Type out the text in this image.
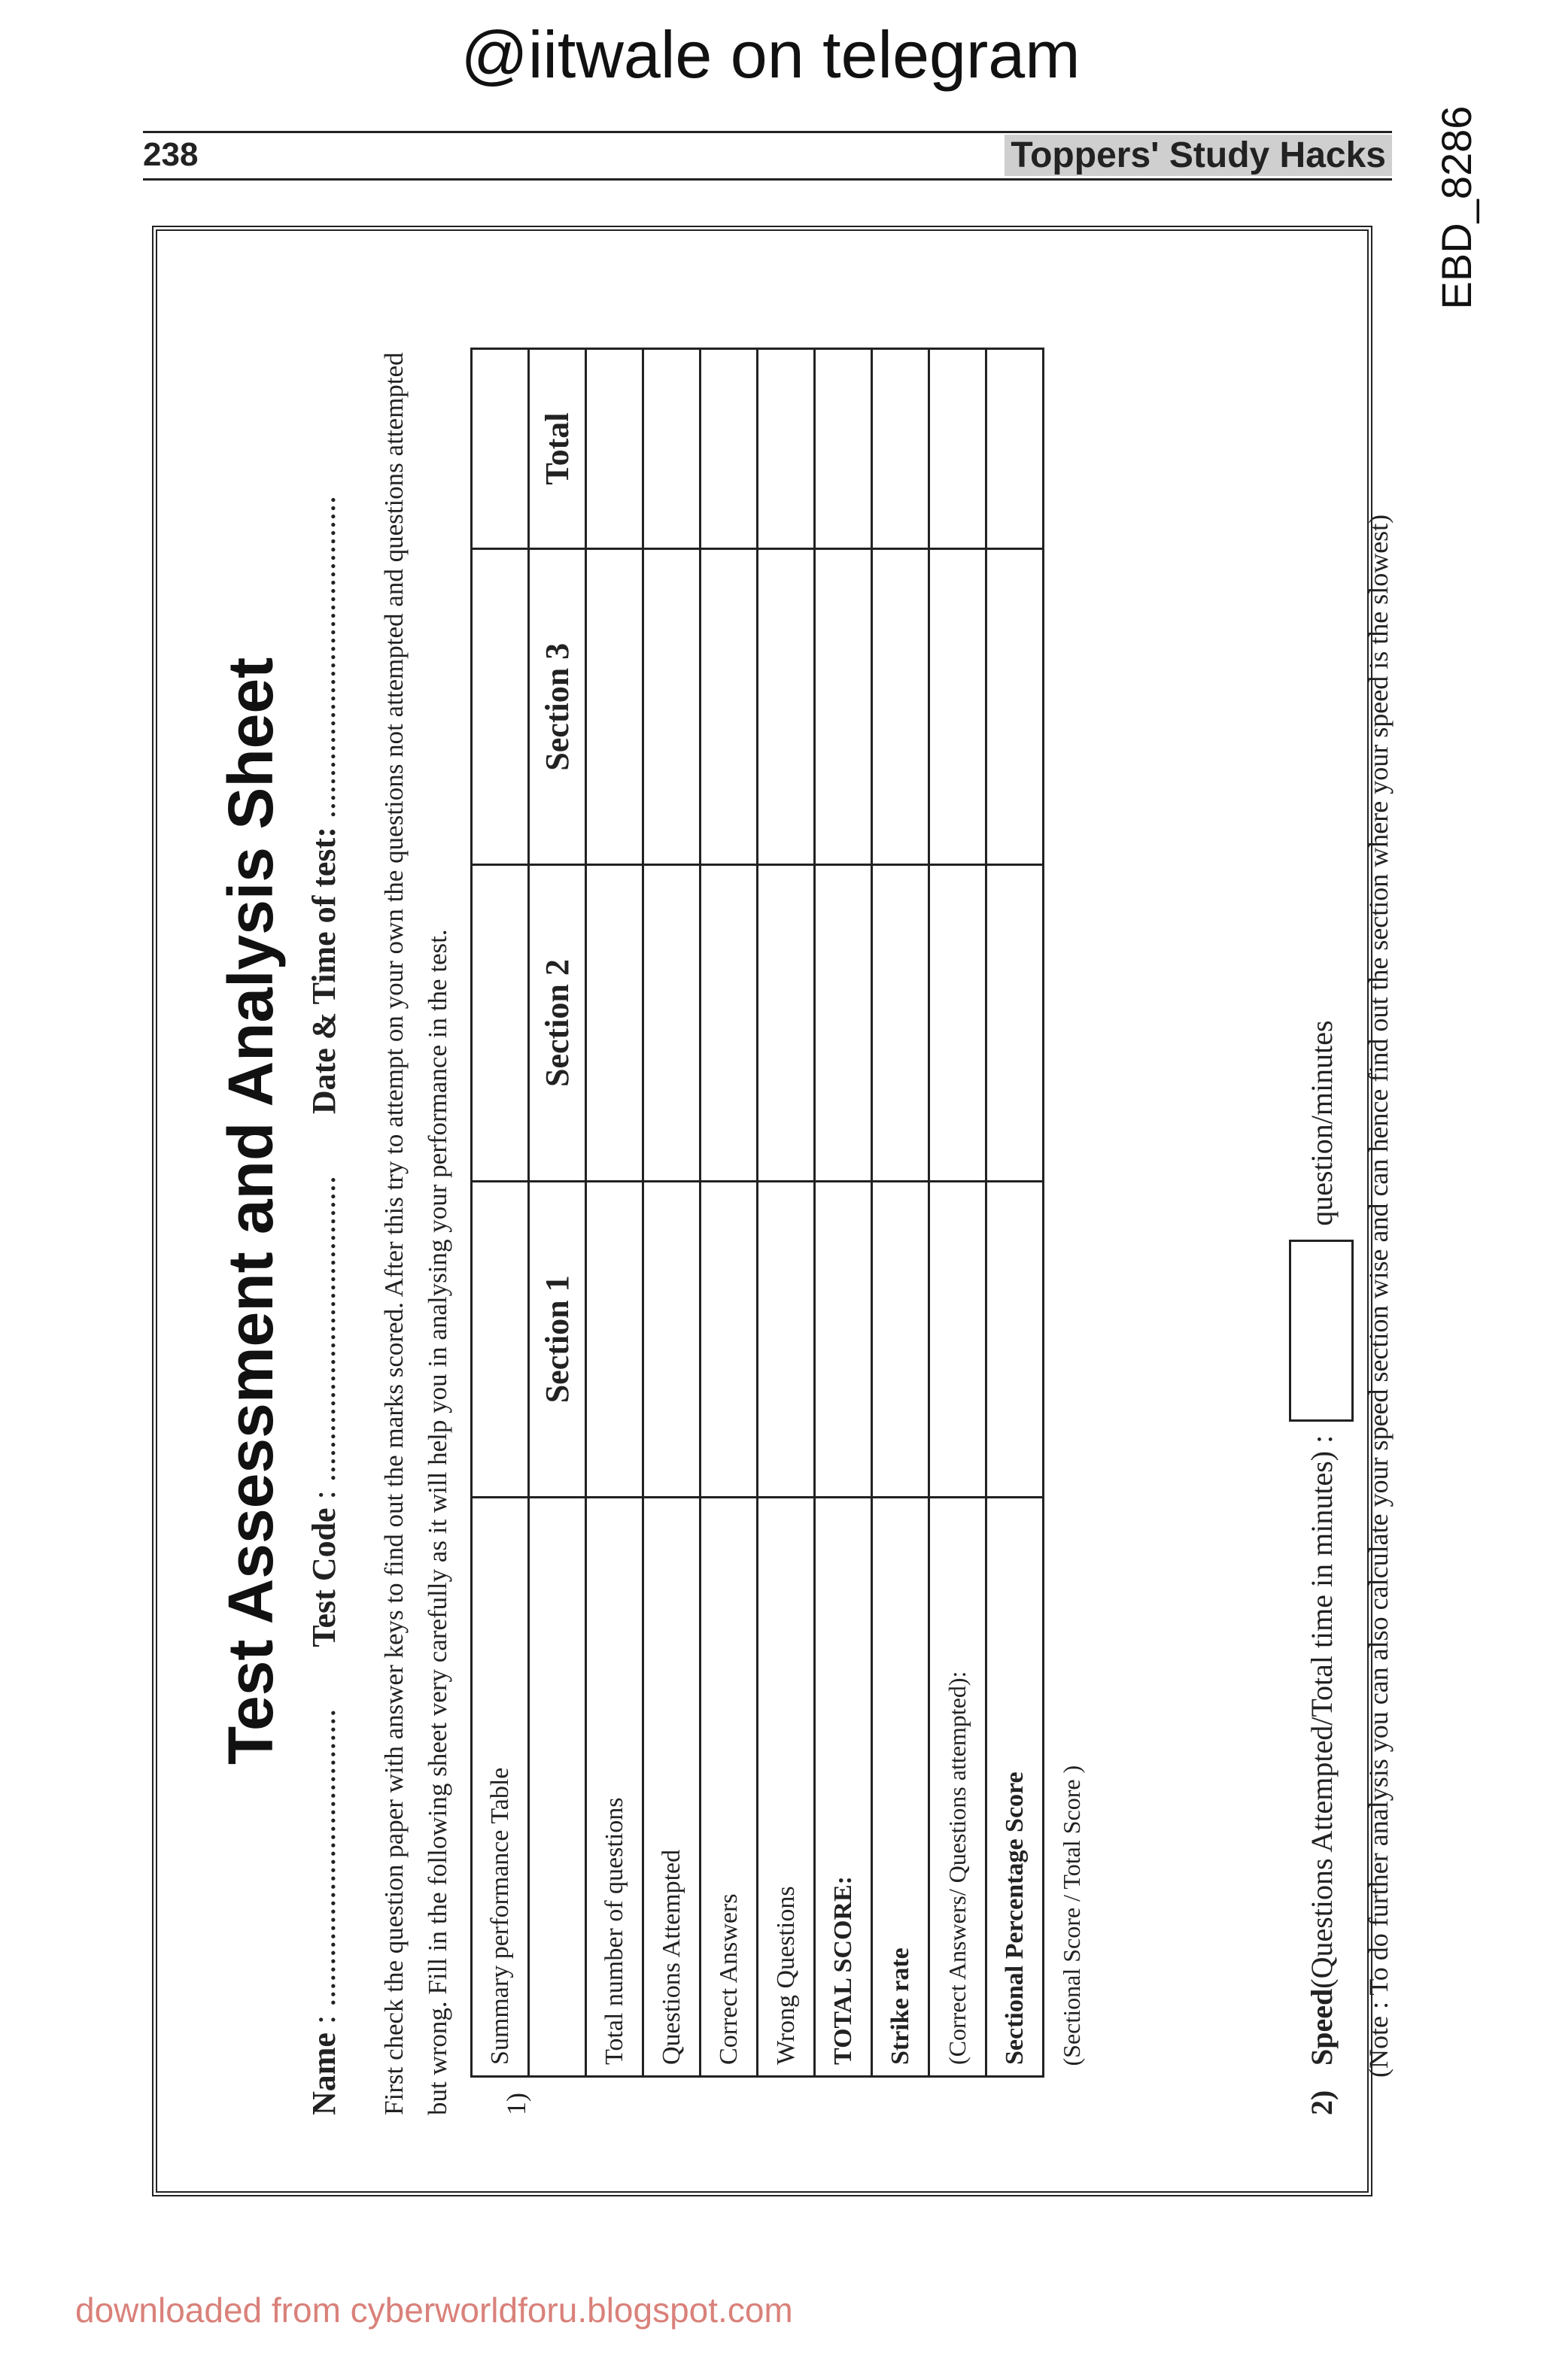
@iitwale on telegram
EBD_8286
238	Toppers' Study Hacks
Test Assessment and Analysis Sheet
Name : ....................................  Test Code : .....................................  Date & Time of test: ....................................... First check the question paper with answer keys to find out the marks scored. After this try to attempt on your own the questions not attempted and questions attempted but wrong. Fill in the following sheet very carefully as it will help you in analysing your performance in the test. 1)
Summary performance Table				
	Section 1	Section 2	Section 3	Total
Total number of questions				
Questions Attempted				
Correct Answers				
Wrong Questions				
TOTAL SCORE:				
Strike rate				
(Correct Answers/ Questions attempted):				
Sectional Percentage Score				
(Sectional Score / Total Score )				
2)
Speed
(Questions Attempted/Total time in minutes) :
question/minutes (Note : To do further analysis you can also calculate your speed section wise and can hence find out the section where your speed is the slowest)
downloaded from cyberworldforu.blogspot.com
